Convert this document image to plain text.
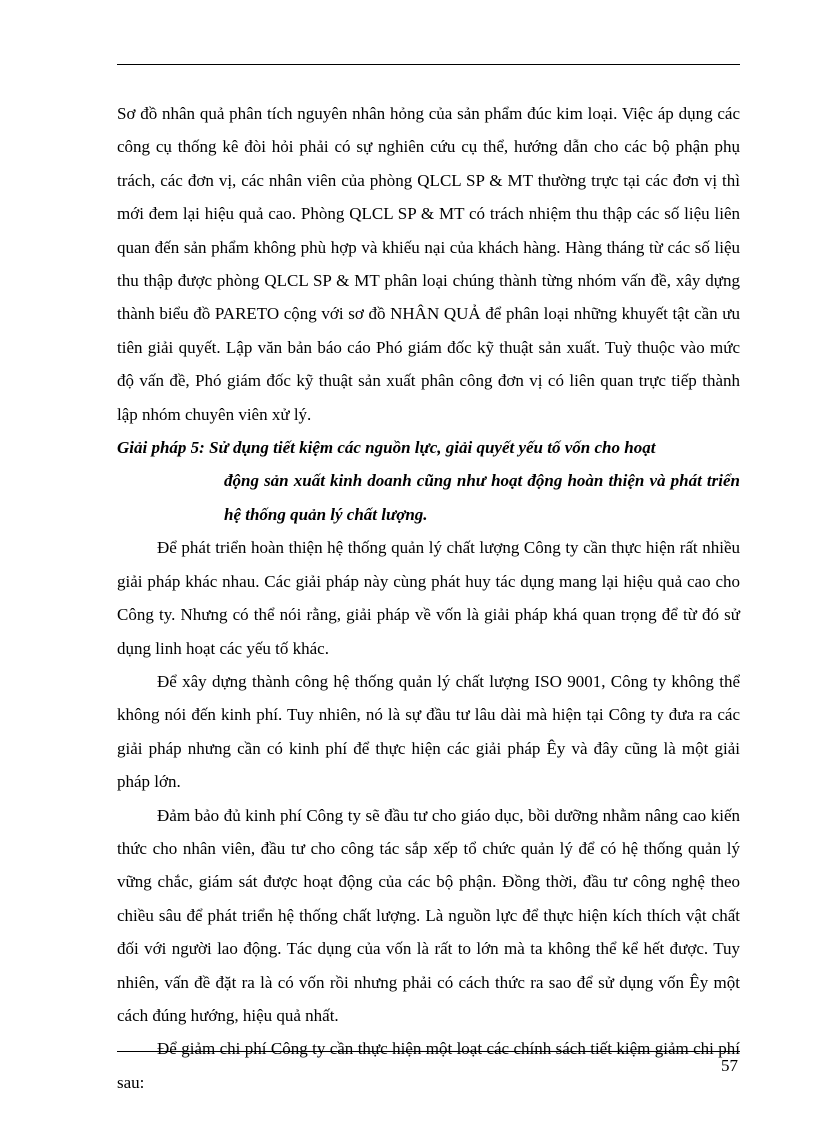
Sơ đồ nhân quả phân tích nguyên nhân hỏng của sản phẩm đúc kim loại. Việc áp dụng các công cụ thống kê đòi hỏi phải có sự nghiên cứu cụ thể, hướng dẫn cho các bộ phận phụ trách, các đơn vị, các nhân viên của phòng QLCL SP & MT thường trực tại các đơn vị thì mới đem lại hiệu quả cao. Phòng QLCL SP & MT có trách nhiệm thu thập các số liệu liên quan đến sản phẩm không phù hợp và khiếu nại của khách hàng. Hàng tháng từ các số liệu thu thập được phòng QLCL SP & MT phân loại chúng thành từng nhóm vấn đề, xây dựng thành biểu đồ PARETO cộng với sơ đồ NHÂN QUẢ để phân loại những khuyết tật cần ưu tiên giải quyết. Lập văn bản báo cáo Phó giám đốc kỹ thuật sản xuất. Tuỳ thuộc vào mức độ vấn đề, Phó giám đốc kỹ thuật sản xuất phân công đơn vị có liên quan trực tiếp thành lập nhóm chuyên viên xử lý.

Giải pháp 5: Sử dụng tiết kiệm các nguồn lực, giải quyết yếu tố vốn cho hoạt
động sản xuất kinh doanh cũng như hoạt động hoàn thiện và phát triển hệ thống quản lý chất lượng.

Để phát triển hoàn thiện hệ thống quản lý chất lượng Công ty cần thực hiện rất nhiều giải pháp khác nhau. Các giải pháp này cùng phát huy tác dụng mang lại hiệu quả cao cho Công ty. Nhưng có thể nói rằng, giải pháp về vốn là giải pháp khá quan trọng để từ đó sử dụng linh hoạt các yếu tố khác.

Để xây dựng thành công hệ thống quản lý chất lượng ISO 9001, Công ty không thể không nói đến kinh phí. Tuy nhiên, nó là sự đầu tư lâu dài mà hiện tại Công ty đưa ra các giải pháp nhưng cần có kinh phí để thực hiện các giải pháp Êy và đây cũng là một giải pháp lớn.

Đảm bảo đủ kinh phí Công ty sẽ đầu tư cho giáo dục, bồi dưỡng nhằm nâng cao kiến thức cho nhân viên, đầu tư cho công tác sắp xếp tổ chức quản lý để có hệ thống quản lý vững chắc, giám sát được hoạt động của các bộ phận. Đồng thời, đầu tư công nghệ theo chiều sâu để phát triển hệ thống chất lượng. Là nguồn lực để thực hiện kích thích vật chất đối với người lao động. Tác dụng của vốn là rất to lớn mà ta không thể kể hết được. Tuy nhiên, vấn đề đặt ra là có vốn rồi nhưng phải có cách thức ra sao để sử dụng vốn Êy một cách đúng hướng, hiệu quả nhất.

Để giảm chi phí Công ty cần thực hiện một loạt các chính sách tiết kiệm giảm chi phí sau:

57
